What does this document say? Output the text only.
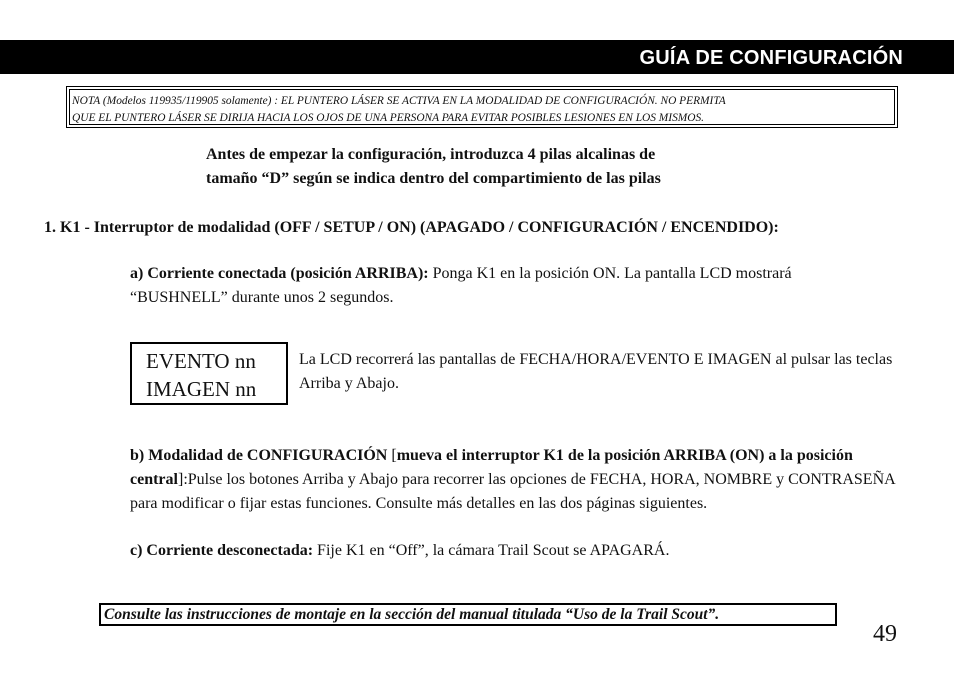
GUÍA DE CONFIGURACIÓN
NOTA (Modelos 119935/119905 solamente) : EL PUNTERO LÁSER SE ACTIVA EN LA MODALIDAD DE CONFIGURACIÓN. NO PERMITA
QUE EL PUNTERO LÁSER SE DIRIJA HACIA LOS OJOS DE UNA PERSONA PARA EVITAR POSIBLES LESIONES EN LOS MISMOS.
Antes de empezar la configuración, introduzca 4 pilas alcalinas de
tamaño “D” según se indica dentro del compartimiento de las pilas
1. K1 - Interruptor de modalidad (OFF / SETUP / ON) (APAGADO / CONFIGURACIÓN / ENCENDIDO):
a) Corriente conectada (posición ARRIBA): Ponga K1 en la posición ON. La pantalla LCD mostrará “BUSHNELL” durante unos 2 segundos.
EVENTO nn
IMAGEN nn
La LCD recorrerá las pantallas de FECHA/HORA/EVENTO E IMAGEN al pulsar las teclas Arriba y Abajo.
b) Modalidad de CONFIGURACIÓN [mueva el interruptor K1 de la posición ARRIBA (ON) a la posición central]:Pulse los botones Arriba y Abajo para recorrer las opciones de FECHA, HORA, NOMBRE y CONTRASEÑA para modificar o fijar estas funciones. Consulte más detalles en las dos páginas siguientes.
c) Corriente desconectada: Fije K1 en “Off”, la cámara Trail Scout se APAGARÁ.
Consulte las instrucciones de montaje en la sección del manual titulada “Uso de la Trail Scout”.
49
